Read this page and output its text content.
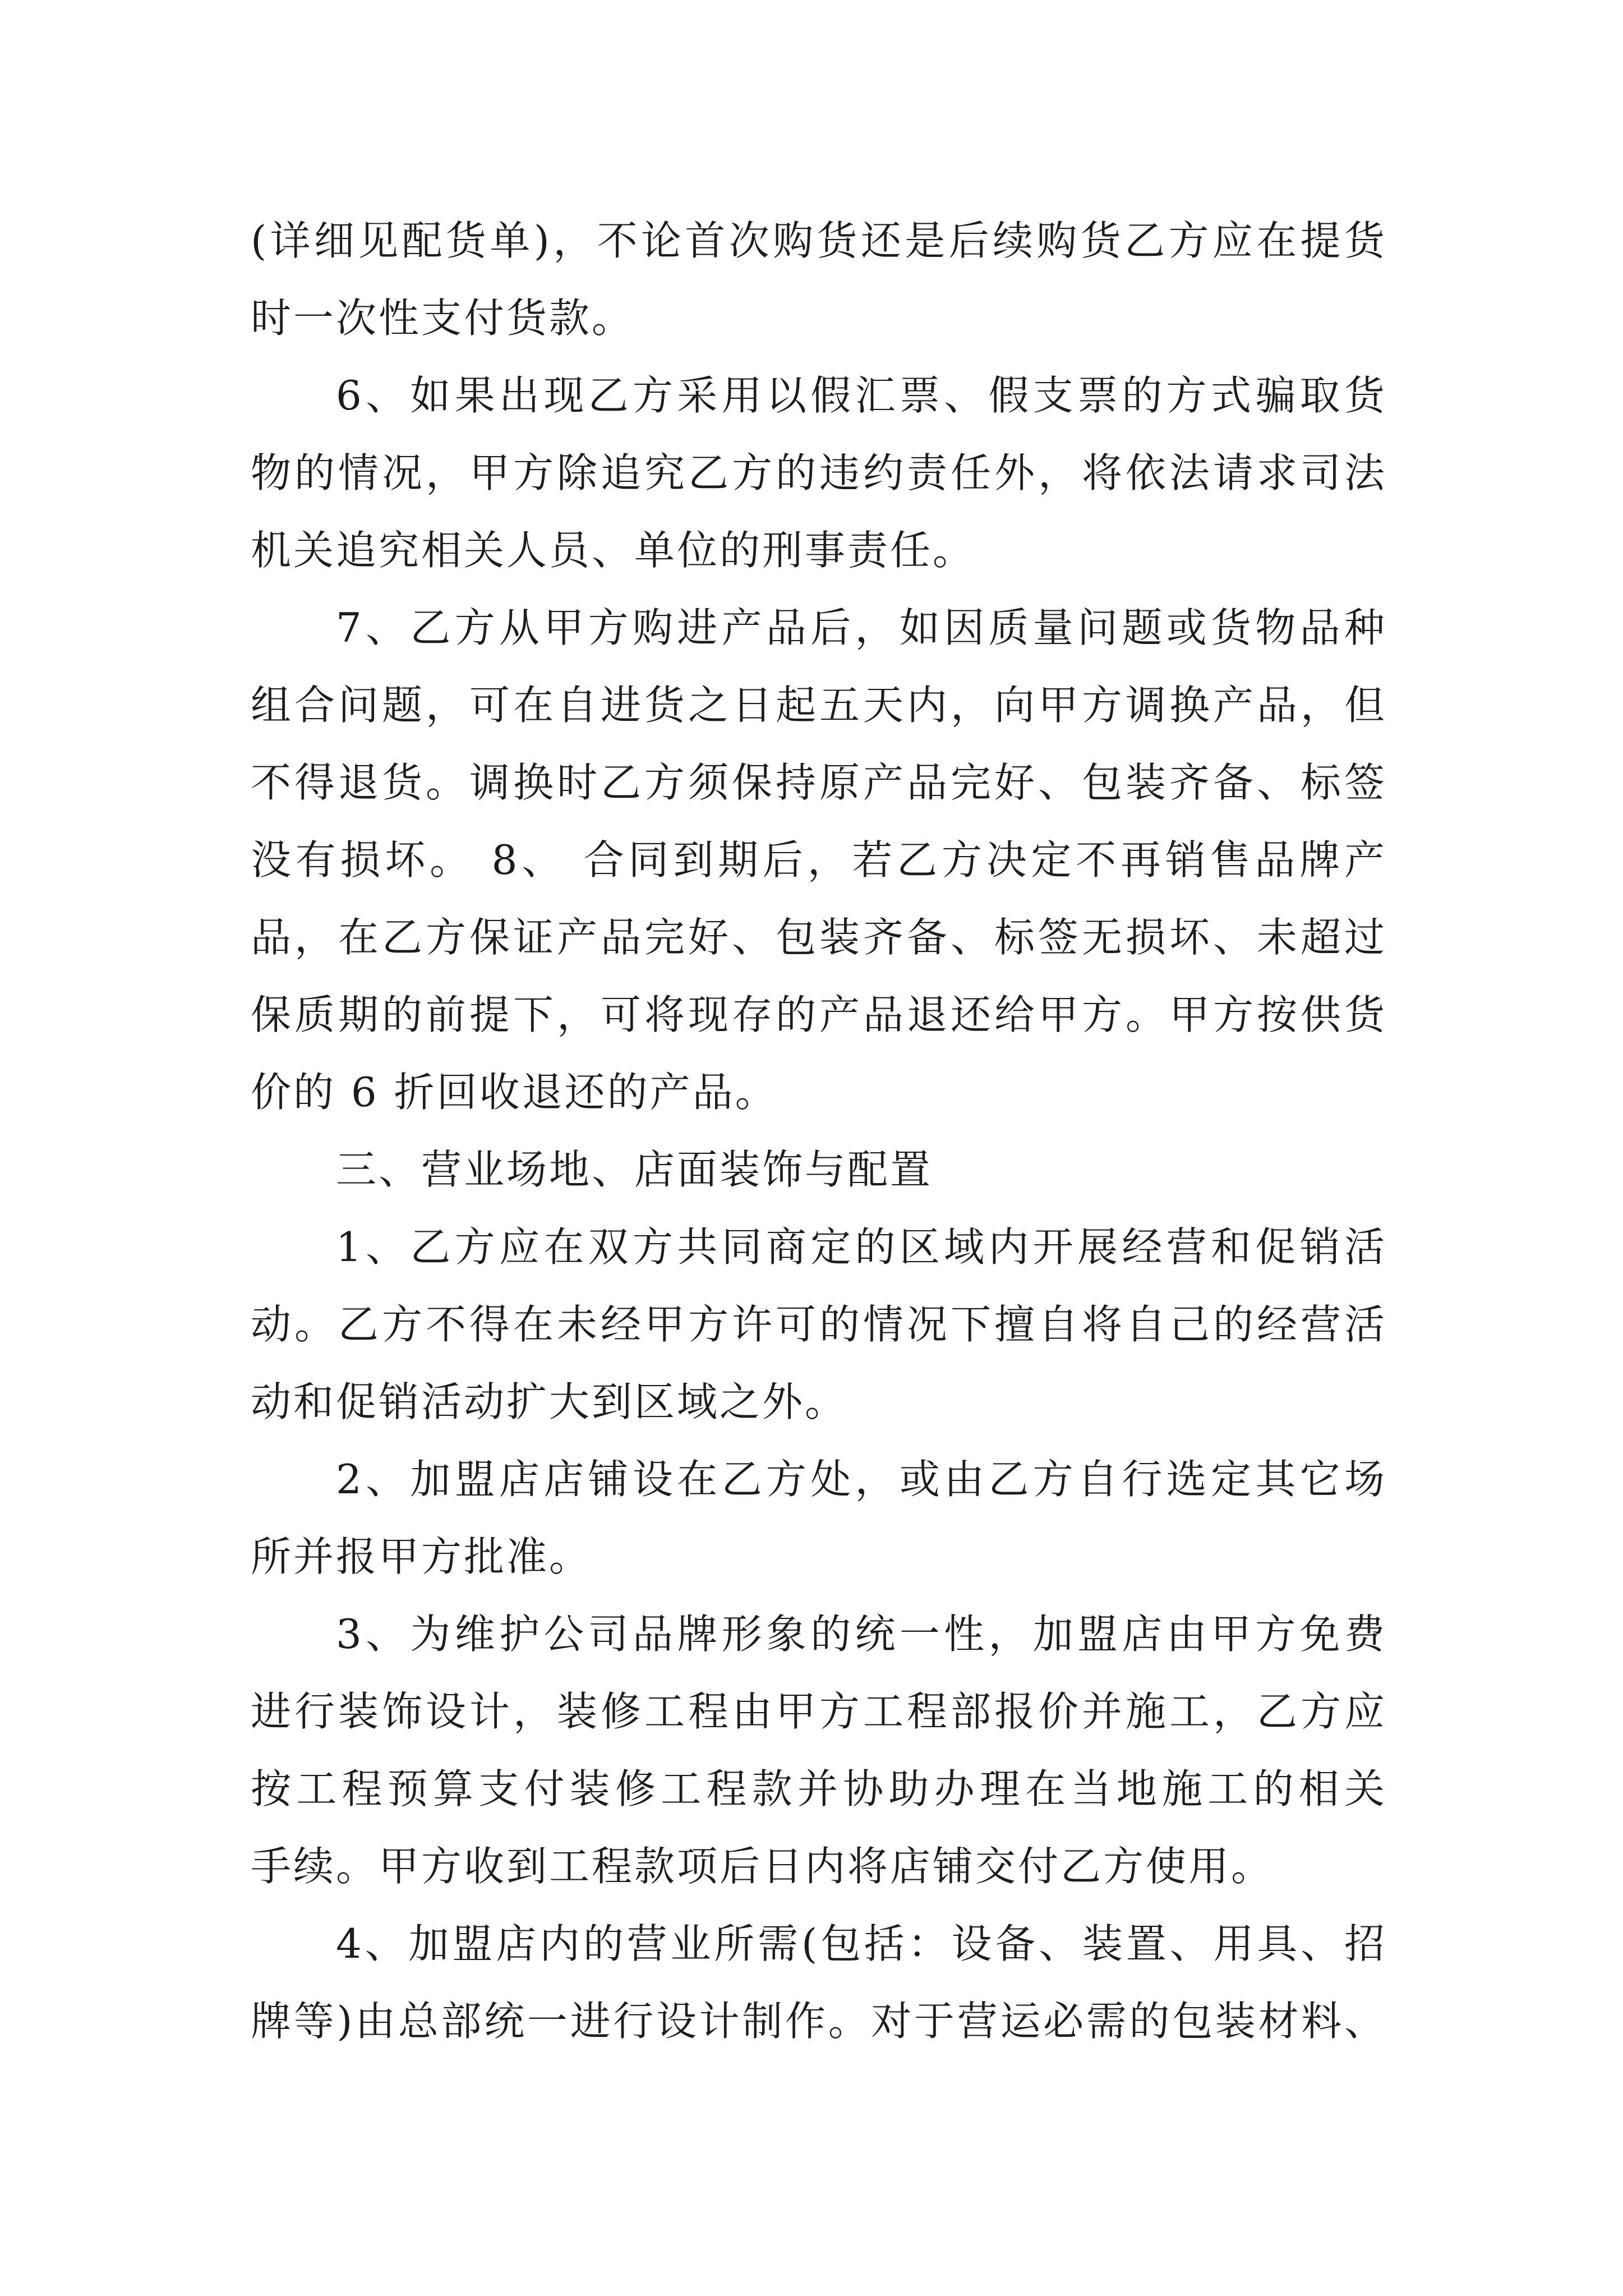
(详细见配货单)，不论首次购货还是后续购货乙方应在提货
时一次性支付货款。
6、如果出现乙方采用以假汇票、假支票的方式骗取货
物的情况，甲方除追究乙方的违约责任外，将依法请求司法
机关追究相关人员、单位的刑事责任。
7、乙方从甲方购进产品后，如因质量问题或货物品种
组合问题，可在自进货之日起五天内，向甲方调换产品，但
不得退货。调换时乙方须保持原产品完好、包装齐备、标签
没有损坏。 8、 合同到期后，若乙方决定不再销售品牌产
品，在乙方保证产品完好、包装齐备、标签无损坏、未超过
保质期的前提下，可将现存的产品退还给甲方。甲方按供货
价的 6 折回收退还的产品。
三、营业场地、店面装饰与配置
1、乙方应在双方共同商定的区域内开展经营和促销活
动。乙方不得在未经甲方许可的情况下擅自将自己的经营活
动和促销活动扩大到区域之外。
2、加盟店店铺设在乙方处，或由乙方自行选定其它场
所并报甲方批准。
3、为维护公司品牌形象的统一性，加盟店由甲方免费
进行装饰设计，装修工程由甲方工程部报价并施工，乙方应
按工程预算支付装修工程款并协助办理在当地施工的相关
手续。甲方收到工程款项后日内将店铺交付乙方使用。
4、加盟店内的营业所需(包括：设备、装置、用具、招
牌等)由总部统一进行设计制作。对于营运必需的包装材料、
